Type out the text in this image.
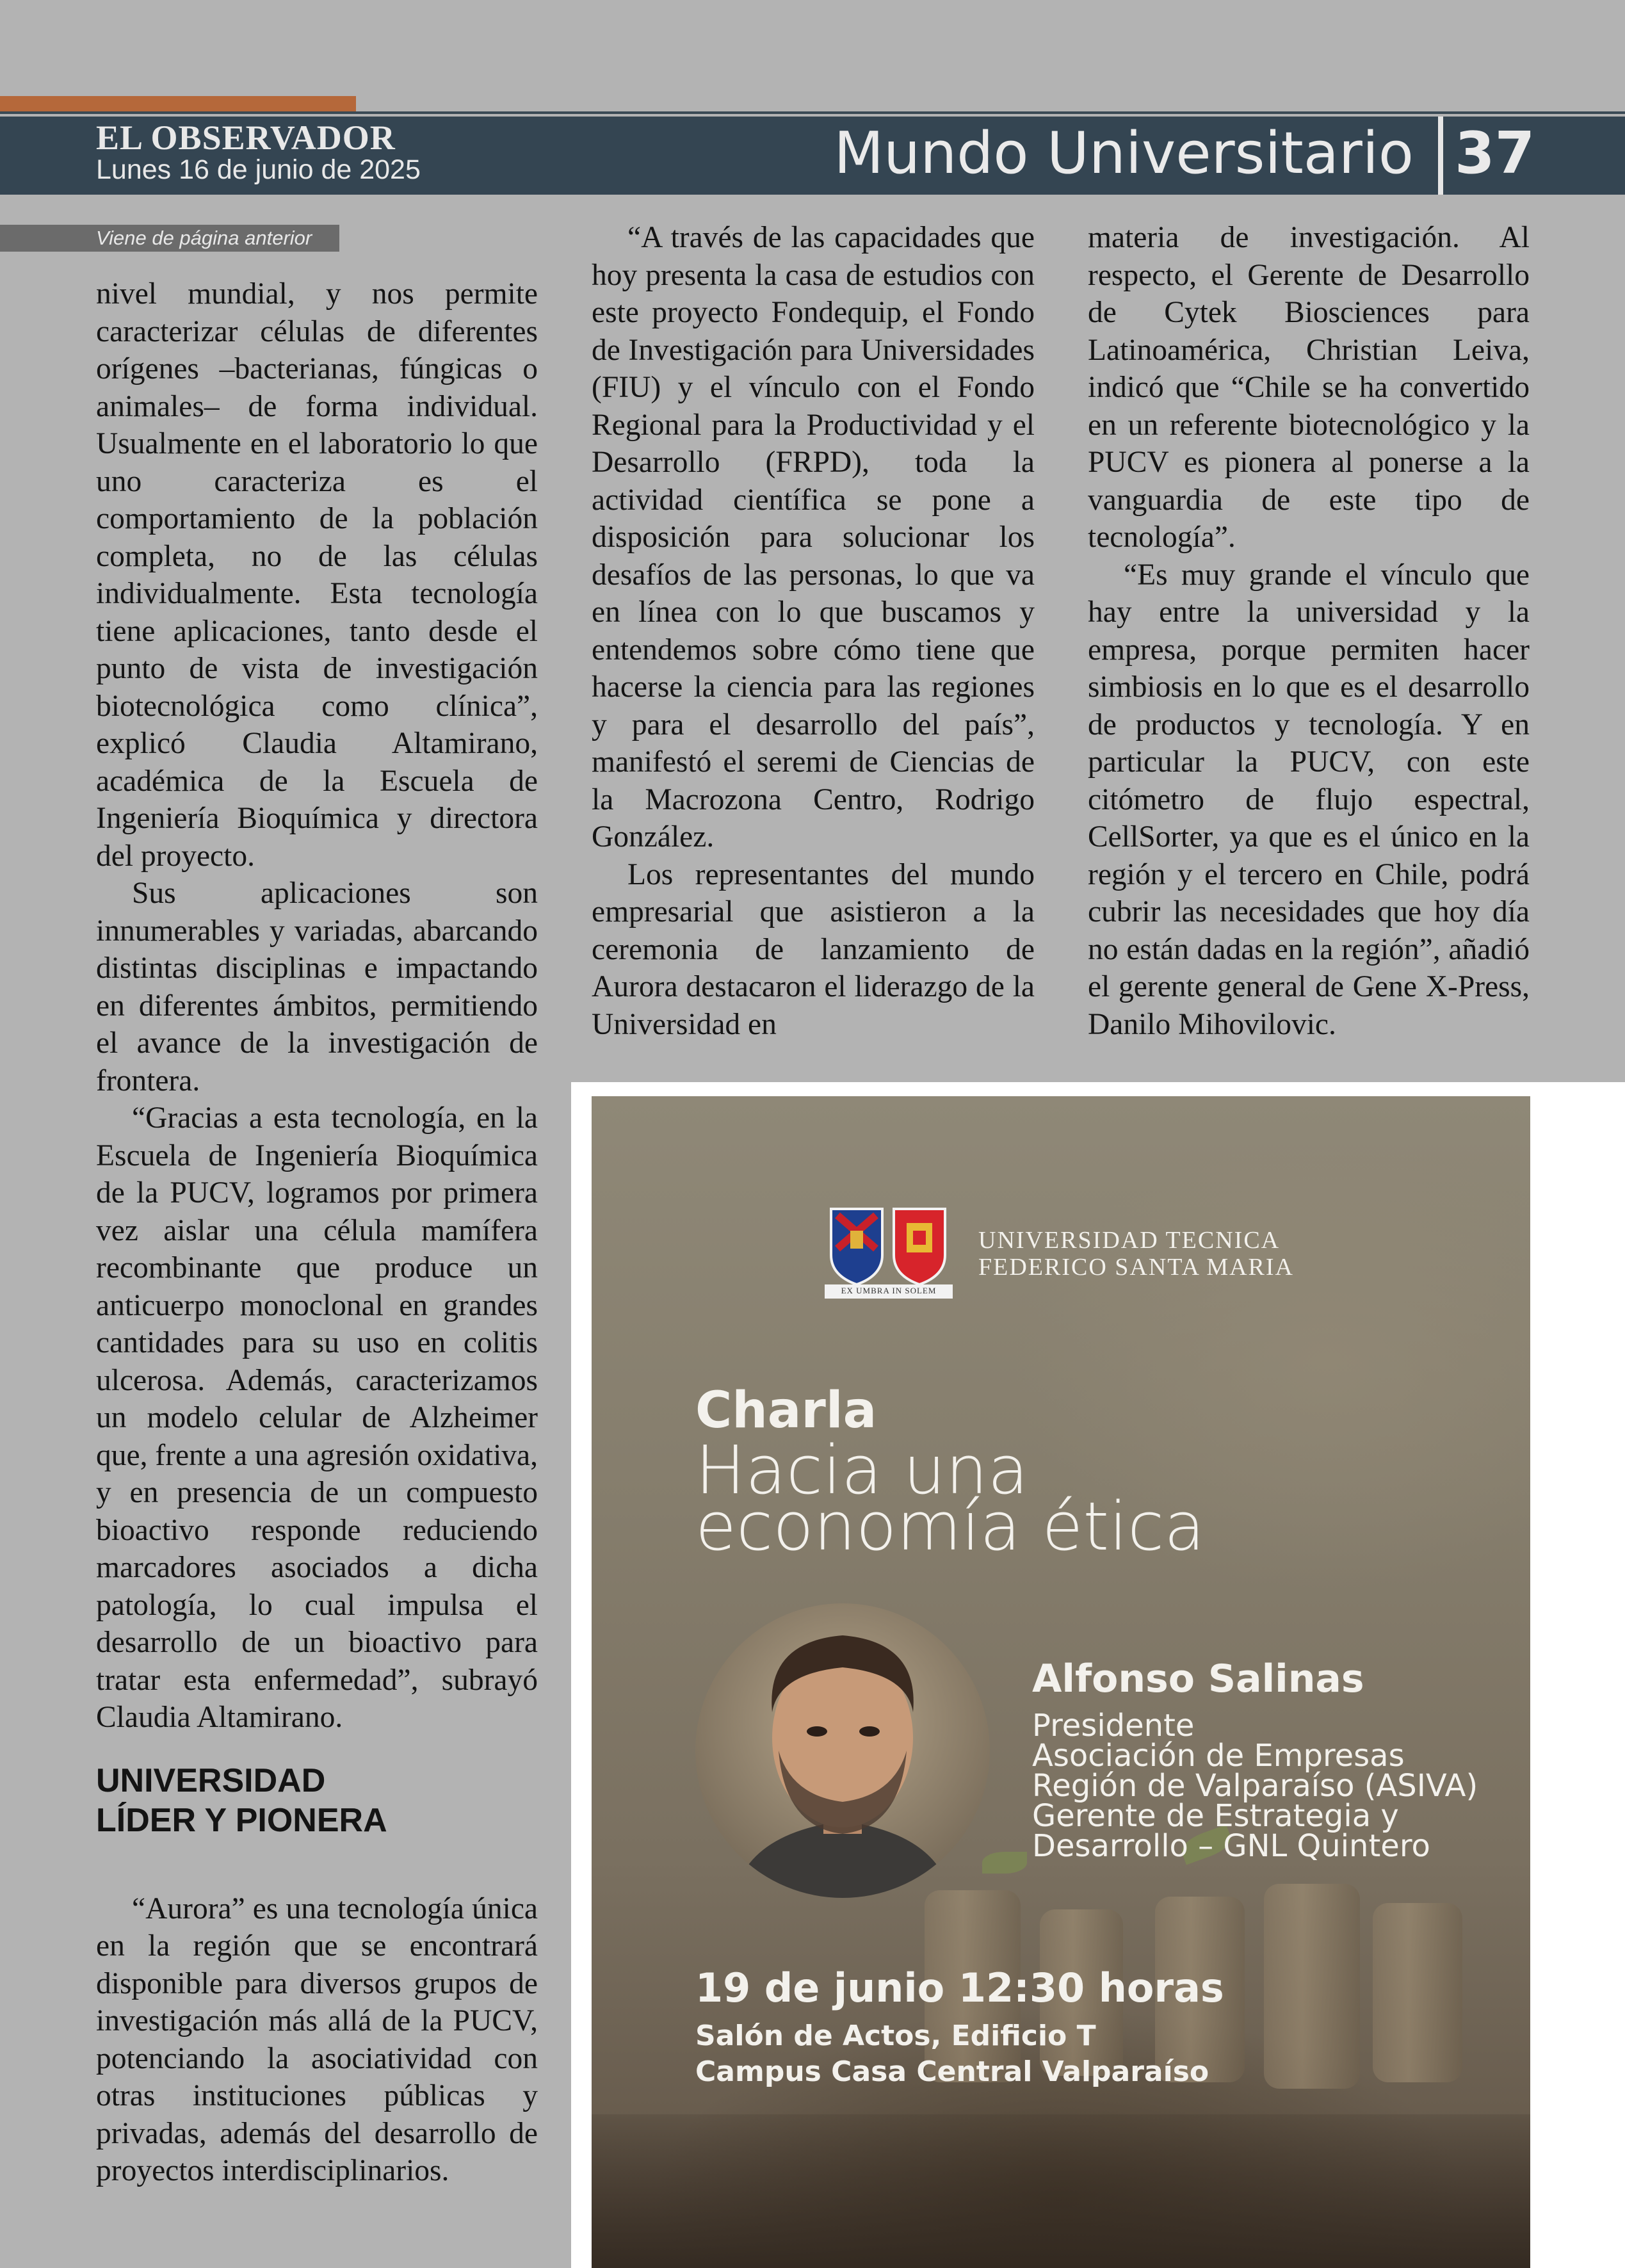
EL OBSERVADOR
Lunes 16 de junio de 2025	Mundo Universitario 37
Viene de página anterior

nivel mundial, y nos permite caracterizar células de diferentes orígenes –bacterianas, fúngicas o animales– de forma individual. Usualmente en el laboratorio lo que uno caracteriza es el comportamiento de la población completa, no de las células individualmente. Esta tecnología tiene aplicaciones, tanto desde el punto de vista de investigación biotecnológica como clínica”, explicó Claudia Altamirano, académica de la Escuela de Ingeniería Bioquímica y directora del proyecto.

Sus aplicaciones son innumerables y variadas, abarcando distintas disciplinas e impactando en diferentes ámbitos, permitiendo el avance de la investigación de frontera.

“Gracias a esta tecnología, en la Escuela de Ingeniería Bioquímica de la PUCV, logramos por primera vez aislar una célula mamífera recombinante que produce un anticuerpo monoclonal en grandes cantidades para su uso en colitis ulcerosa. Además, caracterizamos un modelo celular de Alzheimer que, frente a una agresión oxidativa, y en presencia de un compuesto bioactivo responde reduciendo marcadores asociados a dicha patología, lo cual impulsa el desarrollo de un bioactivo para tratar esta enfermedad”, subrayó Claudia Altamirano.

UNIVERSIDAD
LÍDER Y PIONERA

“Aurora” es una tecnología única en la región que se encontrará disponible para diversos grupos de investigación más allá de la PUCV, potenciando la asociatividad con otras instituciones públicas y privadas, además del desarrollo de proyectos interdisciplinarios.

“A través de las capacidades que hoy presenta la casa de estudios con este proyecto Fondequip, el Fondo de Investigación para Universidades (FIU) y el vínculo con el Fondo Regional para la Productividad y el Desarrollo (FRPD), toda la actividad científica se pone a disposición para solucionar los desafíos de las personas, lo que va en línea con lo que buscamos y entendemos sobre cómo tiene que hacerse la ciencia para las regiones y para el desarrollo del país”, manifestó el seremi de Ciencias de la Macrozona Centro, Rodrigo González.

Los representantes del mundo empresarial que asistieron a la ceremonia de lanzamiento de Aurora destacaron el liderazgo de la Universidad en

materia de investigación. Al respecto, el Gerente de Desarrollo de Cytek Biosciences para Latinoamérica, Christian Leiva, indicó que “Chile se ha convertido en un referente biotecnológico y la PUCV es pionera al ponerse a la vanguardia de este tipo de tecnología”.

“Es muy grande el vínculo que hay entre la universidad y la empresa, porque permiten hacer simbiosis en lo que es el desarrollo de productos y tecnología. Y en particular la PUCV, con este citómetro de flujo espectral, CellSorter, ya que es el único en la región y el tercero en Chile, podrá cubrir las necesidades que hoy día no están dadas en la región”, añadió el gerente general de Gene X-Press, Danilo Mihovilovic.

EX UMBRA IN SOLEM
UNIVERSIDAD TECNICA
FEDERICO SANTA MARIA
Charla
Hacia una
economía ética
Alfonso Salinas
Presidente
Asociación de Empresas
Región de Valparaíso (ASIVA)
Gerente de Estrategia y
Desarrollo – GNL Quintero
19 de junio 12:30 horas
Salón de Actos, Edificio T
Campus Casa Central Valparaíso
